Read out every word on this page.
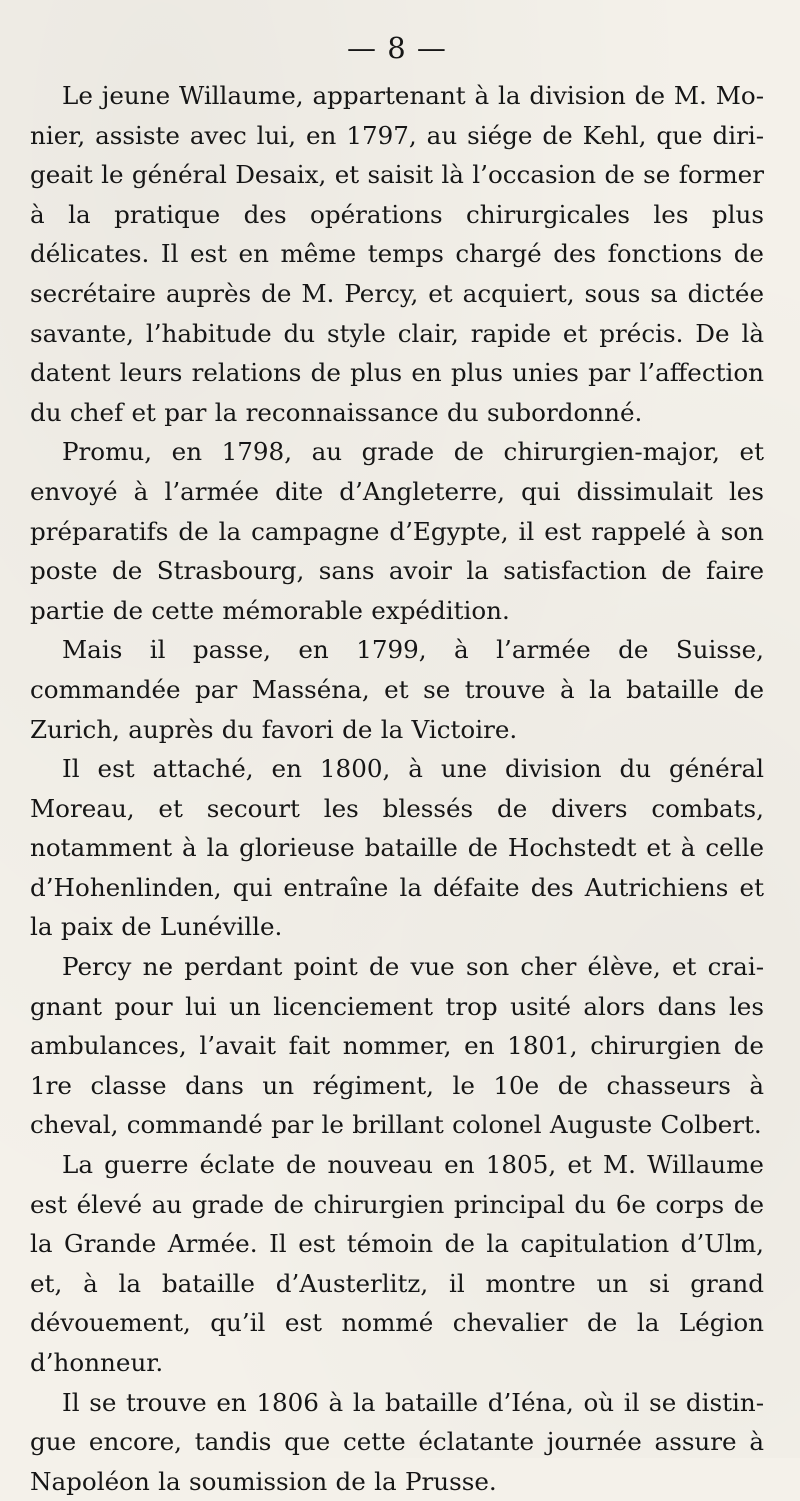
— 8 —

Le jeune Willaume, appartenant à la division de M. Monier, assiste avec lui, en 1797, au siége de Kehl, que dirigeait le général Desaix, et saisit là l’occasion de se former à la pratique des opérations chirurgicales les plus délicates. Il est en même temps chargé des fonctions de secrétaire auprès de M. Percy, et acquiert, sous sa dictée savante, l’habitude du style clair, rapide et précis. De là datent leurs relations de plus en plus unies par l’affection du chef et par la reconnaissance du subordonné.

Promu, en 1798, au grade de chirurgien-major, et envoyé à l’armée dite d’Angleterre, qui dissimulait les préparatifs de la campagne d’Egypte, il est rappelé à son poste de Strasbourg, sans avoir la satisfaction de faire partie de cette mémorable expédition.

Mais il passe, en 1799, à l’armée de Suisse, commandée par Masséna, et se trouve à la bataille de Zurich, auprès du favori de la Victoire.

Il est attaché, en 1800, à une division du général Moreau, et secourt les blessés de divers combats, notamment à la glorieuse bataille de Hochstedt et à celle d’Hohenlinden, qui entraîne la défaite des Autrichiens et la paix de Lunéville.

Percy ne perdant point de vue son cher élève, et craignant pour lui un licenciement trop usité alors dans les ambulances, l’avait fait nommer, en 1801, chirurgien de 1re classe dans un régiment, le 10e de chasseurs à cheval, commandé par le brillant colonel Auguste Colbert.

La guerre éclate de nouveau en 1805, et M. Willaume est élevé au grade de chirurgien principal du 6e corps de la Grande Armée. Il est témoin de la capitulation d’Ulm, et, à la bataille d’Austerlitz, il montre un si grand dévouement, qu’il est nommé chevalier de la Légion d’honneur.

Il se trouve en 1806 à la bataille d’Iéna, où il se distingue encore, tandis que cette éclatante journée assure à Napoléon la soumission de la Prusse.
